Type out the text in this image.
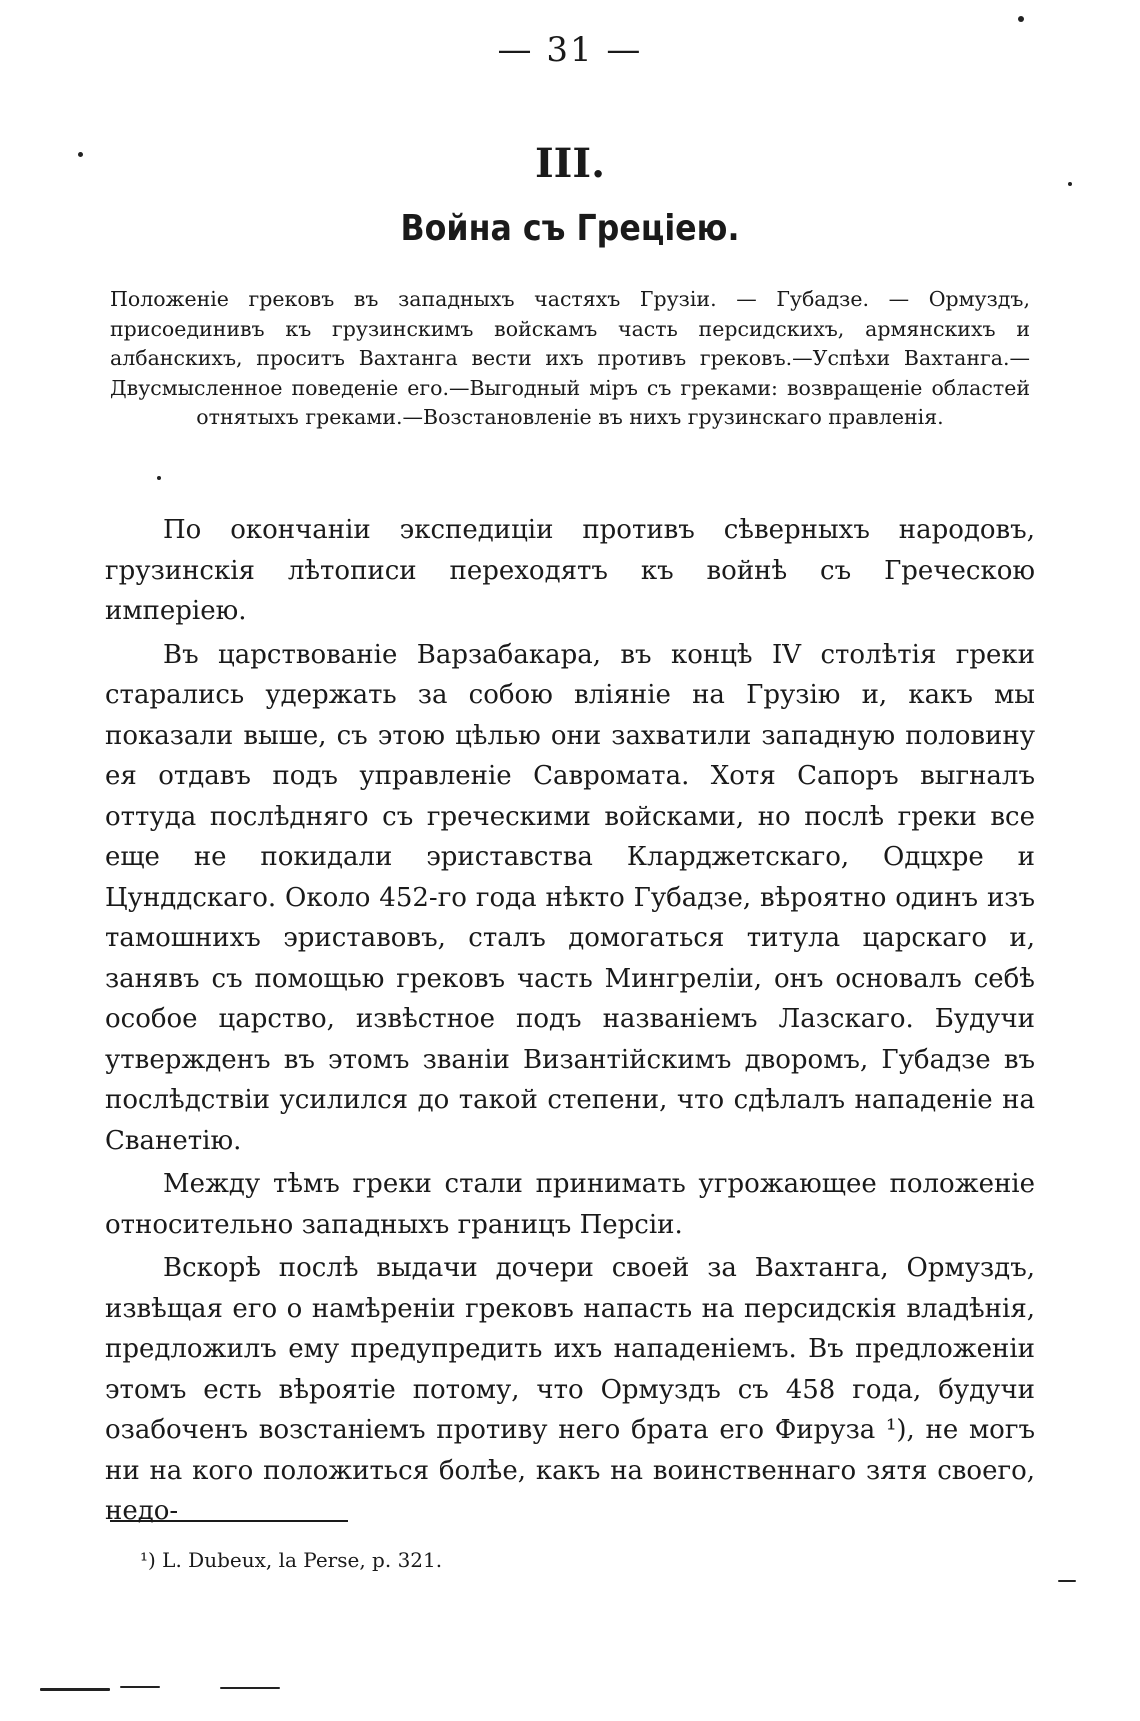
— 31 —
III.
Война съ Грецiею.
Положенiе грековъ въ западныхъ частяхъ Грузiи. — Губадзе. — Ормуздъ, присоединивъ къ грузинскимъ войскамъ часть персидскихъ, армянскихъ и албанскихъ, проситъ Вахтанга вести ихъ противъ грековъ.—Успѣхи Вахтанга.—Двусмысленное поведенiе его.—Выгодный мiръ съ греками: возвращенiе областей отнятыхъ греками.—Возстановленiе въ нихъ грузинскаго правленiя.

По окончанiи экспедицiи противъ сѣверныхъ народовъ, грузинскiя лѣтописи переходятъ къ войнѣ съ Греческою имперiею.

Въ царствованiе Варзабакара, въ концѣ IV столѣтiя греки старались удержать за собою влiянiе на Грузiю и, какъ мы показали выше, съ этою цѣлью они захватили западную половину ея отдавъ подъ управленiе Савромата. Хотя Сапоръ выгналъ оттуда послѣдняго съ греческими войсками, но послѣ греки все еще не покидали эриставства Кларджетскаго, Одцхре и Цунддскаго. Около 452-го года нѣкто Губадзе, вѣроятно одинъ изъ тамошнихъ эриставовъ, сталъ домогаться титула царскаго и, занявъ съ помощью грековъ часть Мингрелiи, онъ основалъ себѣ особое царство, извѣстное подъ названiемъ Лазскаго. Будучи утвержденъ въ этомъ званiи Византiйскимъ дворомъ, Губадзе въ послѣдствiи усилился до такой степени, что сдѣлалъ нападенiе на Сванетiю.

Между тѣмъ греки стали принимать угрожающее положенiе относительно западныхъ границъ Персiи.

Вскорѣ послѣ выдачи дочери своей за Вахтанга, Ормуздъ, извѣщая его о намѣренiи грековъ напасть на персидскiя владѣнiя, предложилъ ему предупредить ихъ нападенiемъ. Въ предложенiи этомъ есть вѣроятiе потому, что Ормуздъ съ 458 года, будучи озабоченъ возстанiемъ противу него брата его Фируза ¹), не могъ ни на кого положиться болѣе, какъ на воинственнаго зятя своего, недо-

¹) L. Dubeux, la Perse, p. 321.
